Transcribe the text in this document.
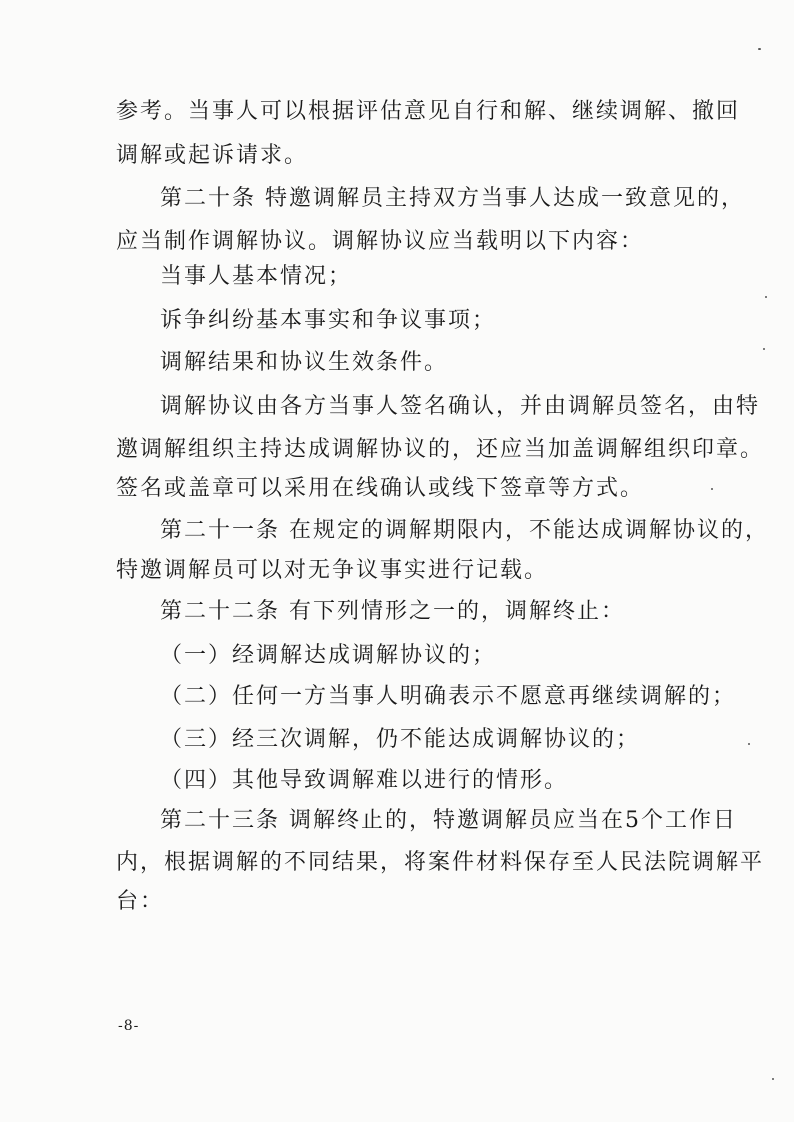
参考。当事人可以根据评估意见自行和解、继续调解、撤回
调解或起诉请求。
第二十条 特邀调解员主持双方当事人达成一致意见的，
应当制作调解协议。调解协议应当载明以下内容：
当事人基本情况；
诉争纠纷基本事实和争议事项；
调解结果和协议生效条件。
调解协议由各方当事人签名确认，并由调解员签名，由特
邀调解组织主持达成调解协议的，还应当加盖调解组织印章。
签名或盖章可以采用在线确认或线下签章等方式。
第二十一条 在规定的调解期限内，不能达成调解协议的，
特邀调解员可以对无争议事实进行记载。
第二十二条 有下列情形之一的，调解终止：
（一）经调解达成调解协议的；
（二）任何一方当事人明确表示不愿意再继续调解的；
（三）经三次调解，仍不能达成调解协议的；
（四）其他导致调解难以进行的情形。
第二十三条 调解终止的，特邀调解员应当在5个工作日
内，根据调解的不同结果，将案件材料保存至人民法院调解平
台：
-8-
